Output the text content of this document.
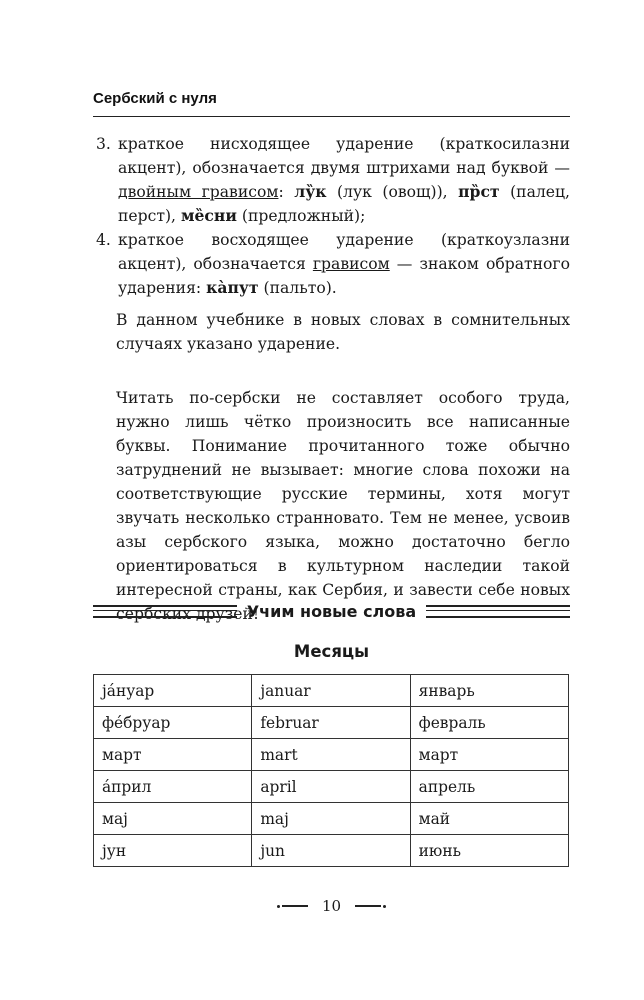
Сербский с нуля
3. краткое нисходящее ударение (краткосилазни акцент), обозначается двумя штрихами над буквой — двойным грависом: лу̏к (лук (овощ)), пр̏ст (палец, перст), ме̏сни (предложный);
4. краткое восходящее ударение (краткоузлазни акцент), обозначается грависом — знаком обратного ударения: ка̀пут (пальто).

В данном учебнике в новых словах в сомнительных случаях указано ударение.

Читать по-сербски не составляет особого труда, нужно лишь чётко произносить все написанные буквы. Понимание прочитанного тоже обычно затруднений не вызывает: многие слова похожи на соответствующие русские термины, хотя могут звучать несколько странновато. Тем не менее, усвоив азы сербского языка, можно достаточно бегло ориентироваться в культурном наследии такой интересной страны, как Сербия, и завести себе новых сербских друзей!

Учим новые слова
Месяцы
ја́нуар	januar	январь
фе́бруар	februar	февраль
март	mart	март
а́прил	april	апрель
мај	maj	май
јун	jun	июнь
10
